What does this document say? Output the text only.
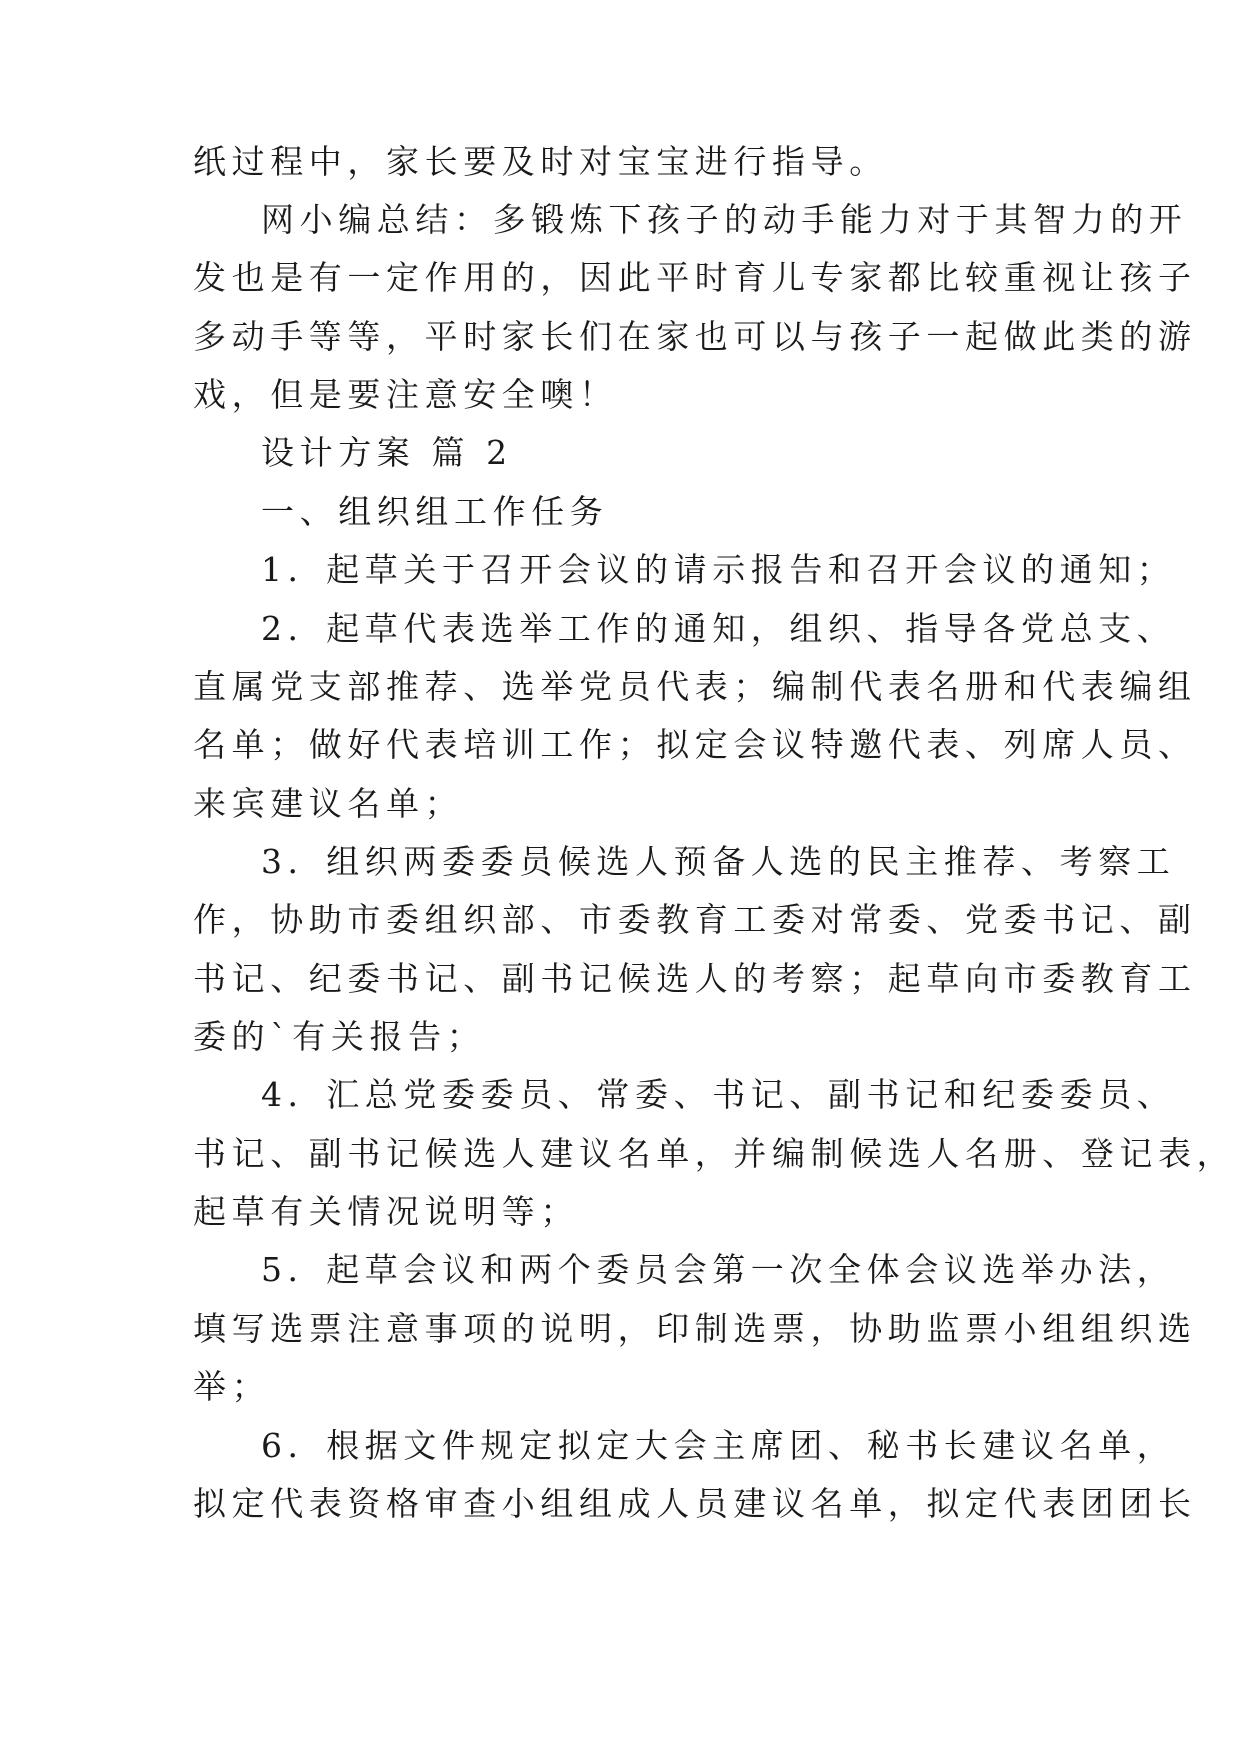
纸过程中，家长要及时对宝宝进行指导。
网小编总结：多锻炼下孩子的动手能力对于其智力的开
发也是有一定作用的，因此平时育儿专家都比较重视让孩子
多动手等等，平时家长们在家也可以与孩子一起做此类的游
戏，但是要注意安全噢！
设计方案 篇 2
一、组织组工作任务
1．起草关于召开会议的请示报告和召开会议的通知；
2．起草代表选举工作的通知，组织、指导各党总支、
直属党支部推荐、选举党员代表；编制代表名册和代表编组
名单；做好代表培训工作；拟定会议特邀代表、列席人员、
来宾建议名单；
3．组织两委委员候选人预备人选的民主推荐、考察工
作，协助市委组织部、市委教育工委对常委、党委书记、副
书记、纪委书记、副书记候选人的考察；起草向市委教育工
委的`有关报告；
4．汇总党委委员、常委、书记、副书记和纪委委员、
书记、副书记候选人建议名单，并编制候选人名册、登记表，
起草有关情况说明等；
5．起草会议和两个委员会第一次全体会议选举办法，
填写选票注意事项的说明，印制选票，协助监票小组组织选
举；
6．根据文件规定拟定大会主席团、秘书长建议名单，
拟定代表资格审查小组组成人员建议名单，拟定代表团团长
